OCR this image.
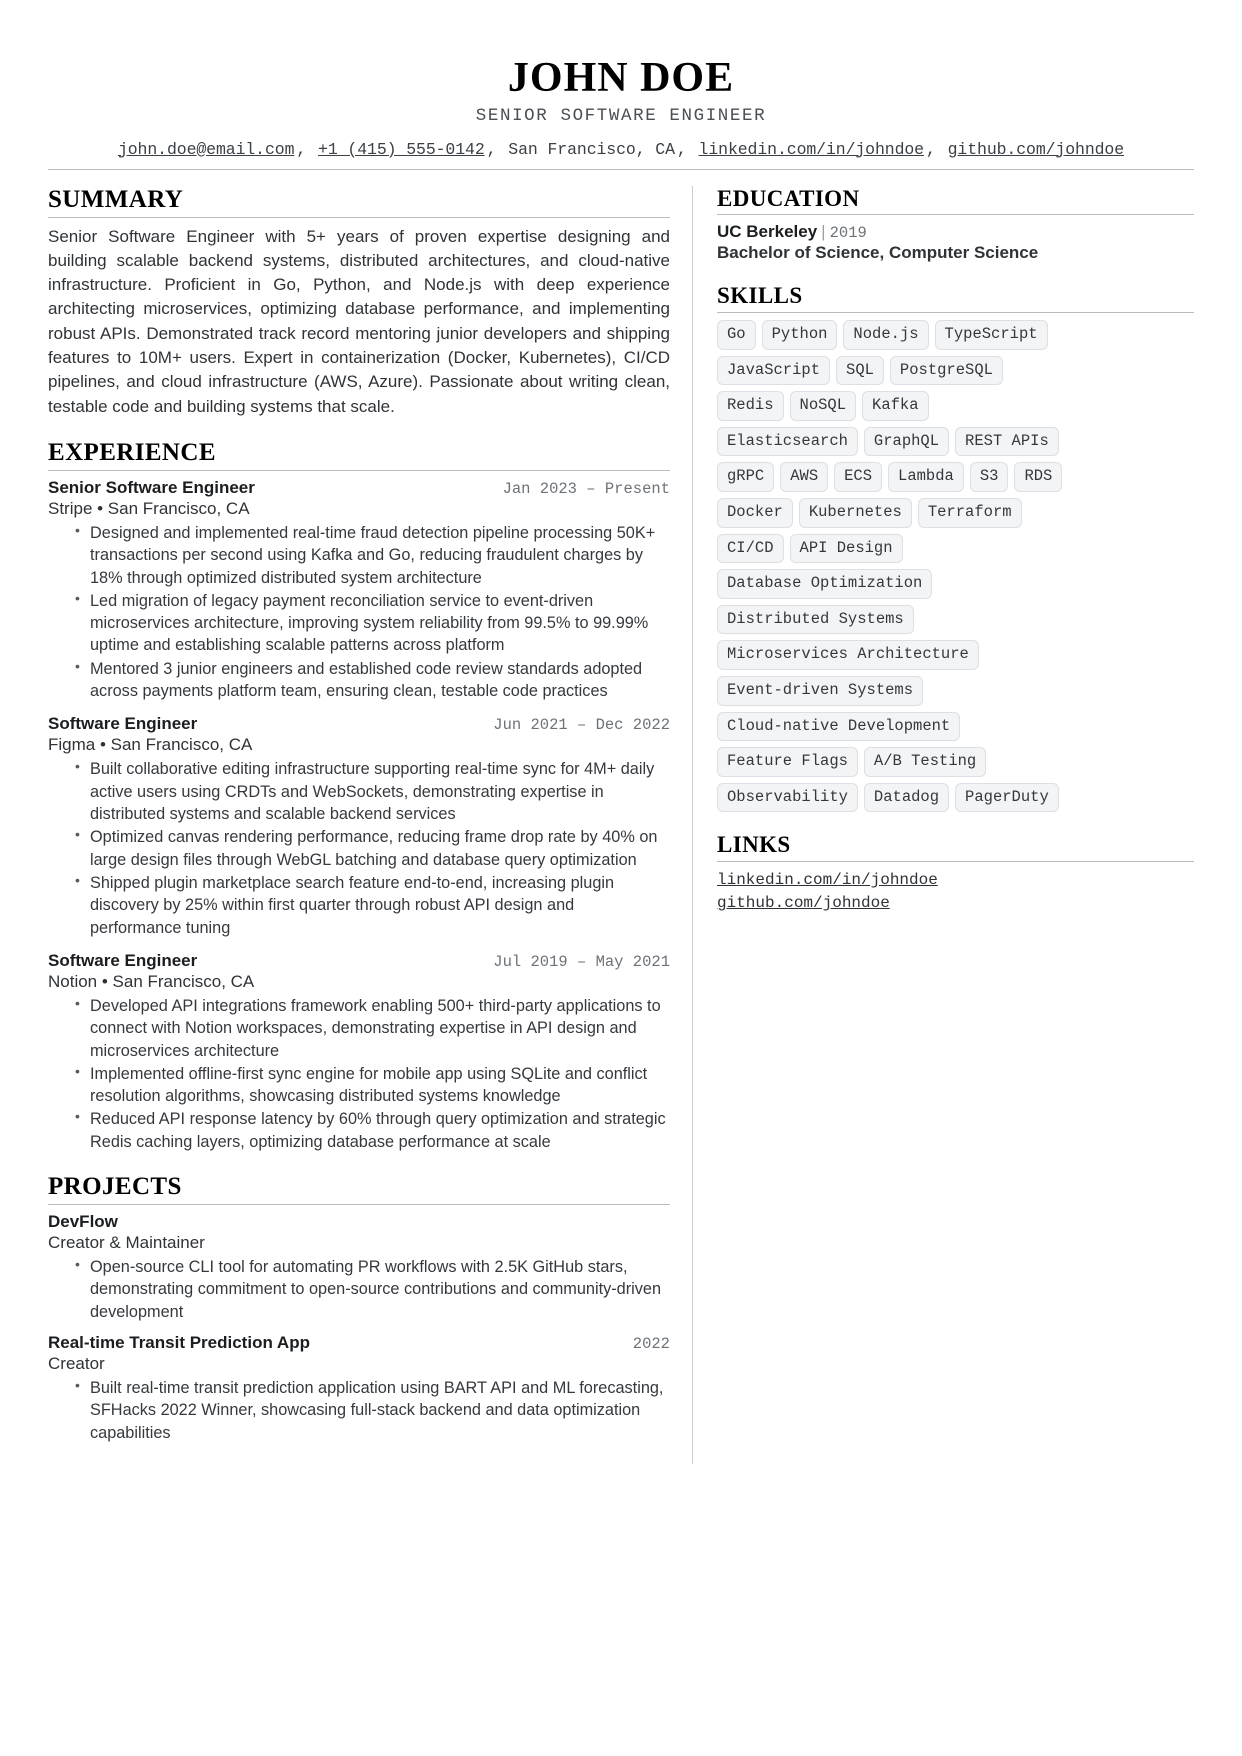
JOHN DOE
SENIOR SOFTWARE ENGINEER
john.doe@email.com , +1 (415) 555-0142 , San Francisco, CA , linkedin.com/in/johndoe , github.com/johndoe
SUMMARY
Senior Software Engineer with 5+ years of proven expertise designing and building scalable backend systems, distributed architectures, and cloud-native infrastructure. Proficient in Go, Python, and Node.js with deep experience architecting microservices, optimizing database performance, and implementing robust APIs. Demonstrated track record mentoring junior developers and shipping features to 10M+ users. Expert in containerization (Docker, Kubernetes), CI/CD pipelines, and cloud infrastructure (AWS, Azure). Passionate about writing clean, testable code and building systems that scale.
EXPERIENCE
Senior Software Engineer	Jan 2023 – Present
Stripe • San Francisco, CA
• Designed and implemented real-time fraud detection pipeline processing 50K+ transactions per second using Kafka and Go, reducing fraudulent charges by 18% through optimized distributed system architecture
• Led migration of legacy payment reconciliation service to event-driven microservices architecture, improving system reliability from 99.5% to 99.99% uptime and establishing scalable patterns across platform
• Mentored 3 junior engineers and established code review standards adopted across payments platform team, ensuring clean, testable code practices
Software Engineer	Jun 2021 – Dec 2022
Figma • San Francisco, CA
• Built collaborative editing infrastructure supporting real-time sync for 4M+ daily active users using CRDTs and WebSockets, demonstrating expertise in distributed systems and scalable backend services
• Optimized canvas rendering performance, reducing frame drop rate by 40% on large design files through WebGL batching and database query optimization
• Shipped plugin marketplace search feature end-to-end, increasing plugin discovery by 25% within first quarter through robust API design and performance tuning
Software Engineer	Jul 2019 – May 2021
Notion • San Francisco, CA
• Developed API integrations framework enabling 500+ third-party applications to connect with Notion workspaces, demonstrating expertise in API design and microservices architecture
• Implemented offline-first sync engine for mobile app using SQLite and conflict resolution algorithms, showcasing distributed systems knowledge
• Reduced API response latency by 60% through query optimization and strategic Redis caching layers, optimizing database performance at scale
PROJECTS
DevFlow
Creator & Maintainer
• Open-source CLI tool for automating PR workflows with 2.5K GitHub stars, demonstrating commitment to open-source contributions and community-driven development
Real-time Transit Prediction App	2022
Creator
• Built real-time transit prediction application using BART API and ML forecasting, SFHacks 2022 Winner, showcasing full-stack backend and data optimization capabilities
EDUCATION
UC Berkeley | 2019
Bachelor of Science, Computer Science
SKILLS
Go	Python	Node.js	TypeScript
JavaScript	SQL	PostgreSQL
Redis	NoSQL	Kafka
Elasticsearch	GraphQL	REST APIs
gRPC	AWS	ECS	Lambda	S3	RDS
Docker	Kubernetes	Terraform
CI/CD	API Design
Database Optimization
Distributed Systems
Microservices Architecture
Event-driven Systems
Cloud-native Development
Feature Flags	A/B Testing
Observability	Datadog	PagerDuty
LINKS
linkedin.com/in/johndoe
github.com/johndoe
